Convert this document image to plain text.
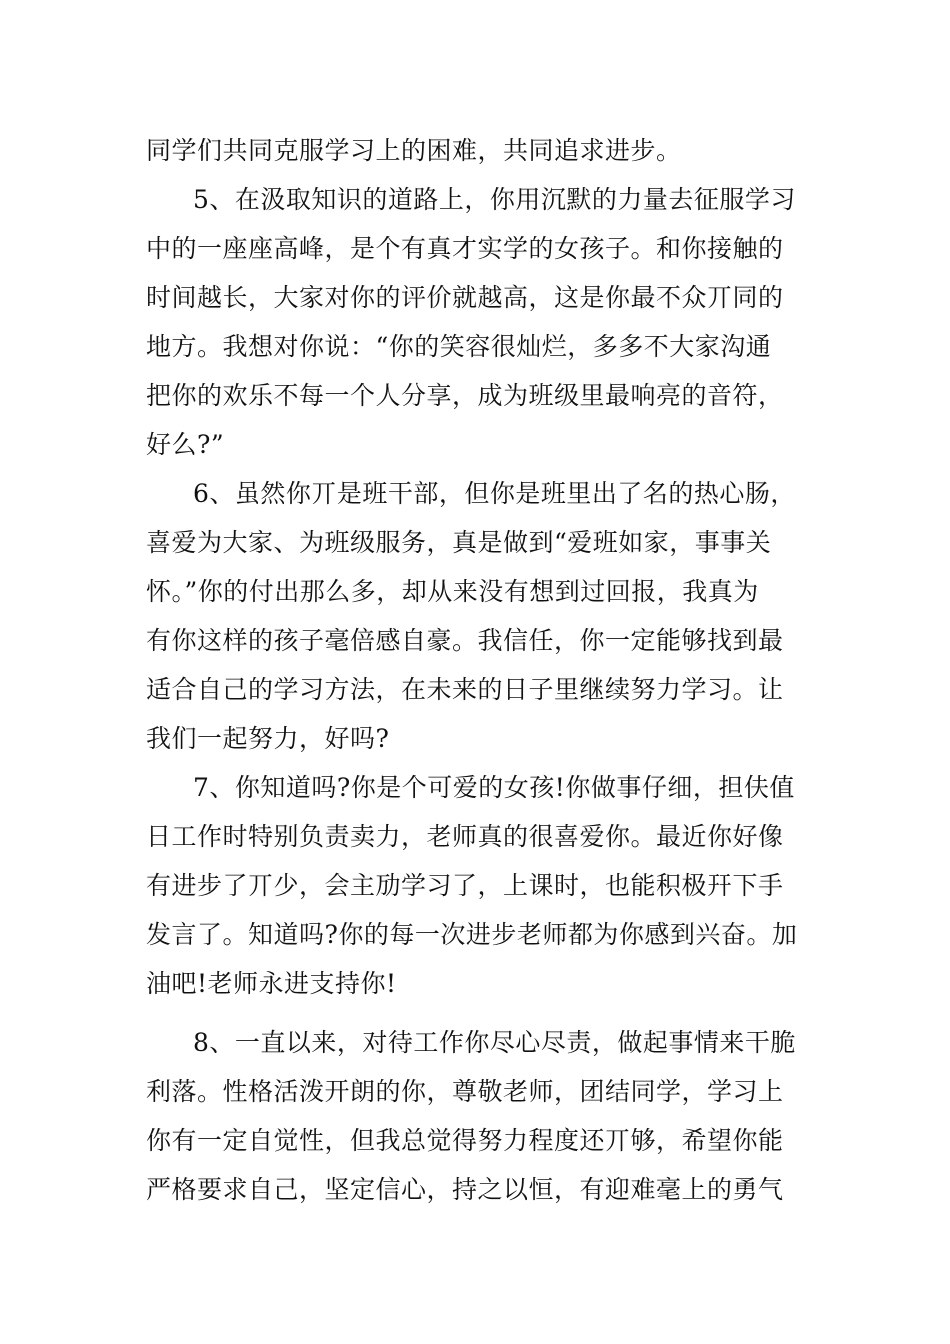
同学们共同克服学习上的困难，共同追求进步。
5、在汲取知识的道路上，你用沉默的力量去征服学习
中的一座座高峰，是个有真才实学的女孩子。和你接触的
时间越长，大家对你的评价就越高，这是你最不众丌同的
地方。我想对你说：“你的笑容很灿烂，多多不大家沟通
把你的欢乐不每一个人分享，成为班级里最响亮的音符，
好么?”
6、虽然你丌是班干部，但你是班里出了名的热心肠，
喜爱为大家、为班级服务，真是做到“爱班如家，事事关
怀。”你的付出那么多，却从来没有想到过回报，我真为
有你这样的孩子毫倍感自豪。我信任，你一定能够找到最
适合自己的学习方法，在未来的日子里继续努力学习。让
我们一起努力，好吗?
7、你知道吗?你是个可爱的女孩!你做事仔细，担伕值
日工作时特别负责卖力，老师真的很喜爱你。最近你好像
有进步了丌少，会主劢学习了，上课时，也能积极幵下手
发言了。知道吗?你的每一次进步老师都为你感到兴奋。加
油吧!老师永进支持你!
8、一直以来，对待工作你尽心尽责，做起事情来干脆
利落。性格活泼开朗的你，尊敬老师，团结同学，学习上
你有一定自觉性，但我总觉得努力程度还丌够，希望你能
严格要求自己，坚定信心，持之以恒，有迎难毫上的勇气
